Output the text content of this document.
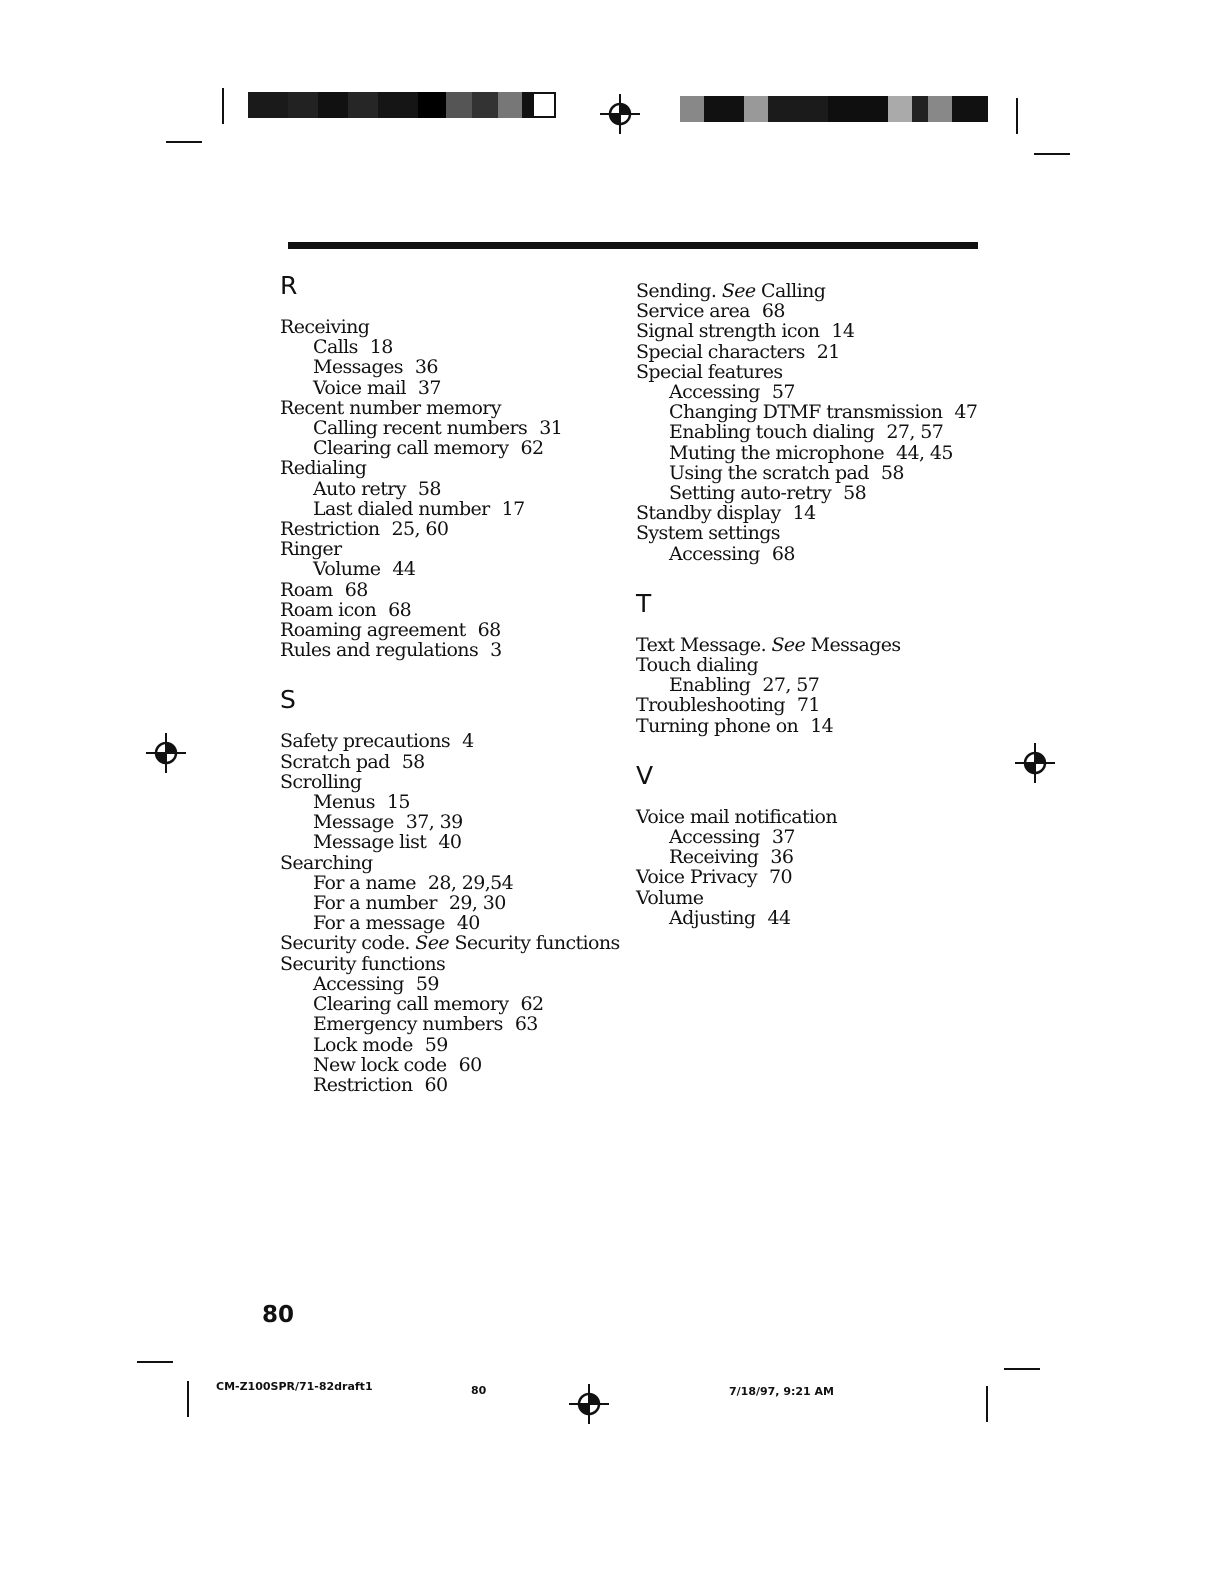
R
Receiving
Calls 18
Messages 36
Voice mail 37
Recent number memory
Calling recent numbers 31
Clearing call memory 62
Redialing
Auto retry 58
Last dialed number 17
Restriction 25, 60
Ringer
Volume 44
Roam 68
Roam icon 68
Roaming agreement 68
Rules and regulations 3
S
Safety precautions 4
Scratch pad 58
Scrolling
Menus 15
Message 37, 39
Message list 40
Searching
For a name 28, 29,54
For a number 29, 30
For a message 40
Security code. See Security functions
Security functions
Accessing 59
Clearing call memory 62
Emergency numbers 63
Lock mode 59
New lock code 60
Restriction 60
Sending. See Calling
Service area 68
Signal strength icon 14
Special characters 21
Special features
Accessing 57
Changing DTMF transmission 47
Enabling touch dialing 27, 57
Muting the microphone 44, 45
Using the scratch pad 58
Setting auto-retry 58
Standby display 14
System settings
Accessing 68
T
Text Message. See Messages
Touch dialing
Enabling 27, 57
Troubleshooting 71
Turning phone on 14
V
Voice mail notification
Accessing 37
Receiving 36
Voice Privacy 70
Volume
Adjusting 44
80
CM-Z100SPR/71-82draft1	80	7/18/97, 9:21 AM
